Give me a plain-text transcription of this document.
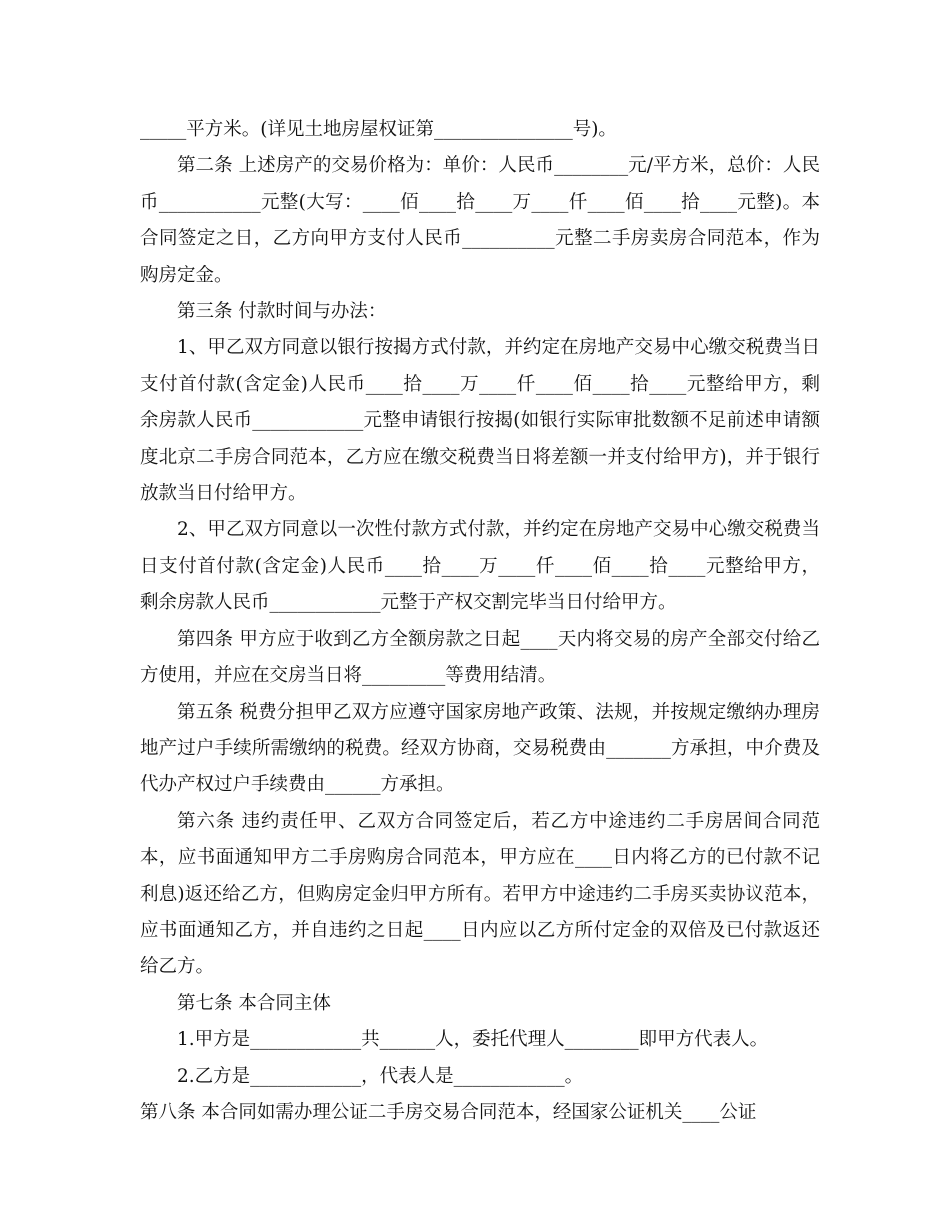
_____平方米。(详见土地房屋权证第_______________号)。

第二条 上述房产的交易价格为：单价：人民币________元/平方米，总价：人民币___________元整(大写：____佰____拾____万____仟____佰____拾____元整)。本合同签定之日，乙方向甲方支付人民币__________元整二手房卖房合同范本，作为购房定金。

第三条 付款时间与办法：

1、甲乙双方同意以银行按揭方式付款，并约定在房地产交易中心缴交税费当日支付首付款(含定金)人民币____拾____万____仟____佰____拾____元整给甲方，剩余房款人民币____________元整申请银行按揭(如银行实际审批数额不足前述申请额度北京二手房合同范本，乙方应在缴交税费当日将差额一并支付给甲方)，并于银行放款当日付给甲方。

2、甲乙双方同意以一次性付款方式付款，并约定在房地产交易中心缴交税费当日支付首付款(含定金)人民币____拾____万____仟____佰____拾____元整给甲方，剩余房款人民币____________元整于产权交割完毕当日付给甲方。

第四条 甲方应于收到乙方全额房款之日起____天内将交易的房产全部交付给乙方使用，并应在交房当日将_________等费用结清。

第五条 税费分担甲乙双方应遵守国家房地产政策、法规，并按规定缴纳办理房地产过户手续所需缴纳的税费。经双方协商，交易税费由_______方承担，中介费及代办产权过户手续费由______方承担。

第六条 违约责任甲、乙双方合同签定后，若乙方中途违约二手房居间合同范本，应书面通知甲方二手房购房合同范本，甲方应在____日内将乙方的已付款不记利息)返还给乙方，但购房定金归甲方所有。若甲方中途违约二手房买卖协议范本，应书面通知乙方，并自违约之日起____日内应以乙方所付定金的双倍及已付款返还给乙方。

第七条 本合同主体

1.甲方是____________共______人，委托代理人________即甲方代表人。

2.乙方是____________，代表人是____________。

第八条 本合同如需办理公证二手房交易合同范本，经国家公证机关____公证
